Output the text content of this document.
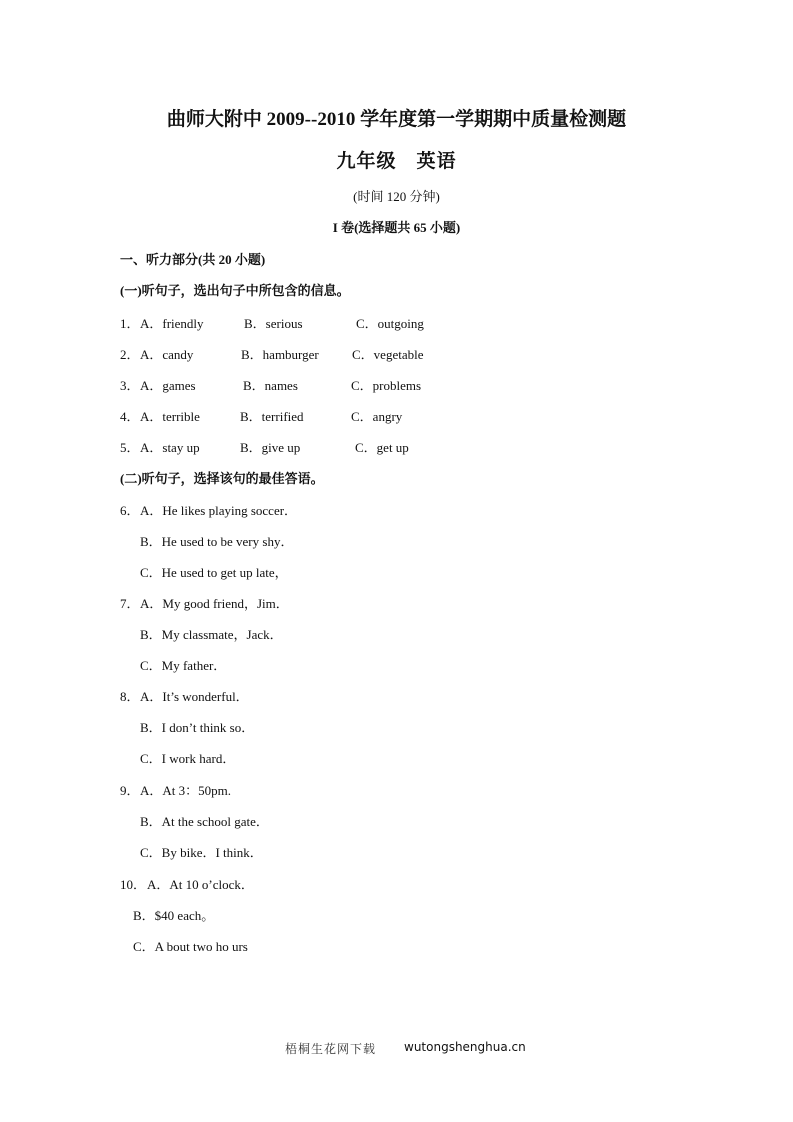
曲师大附中 2009--2010 学年度第一学期期中质量检测题
九年级　英语
(时间 120 分钟)
I 卷(选择题共 65 小题)
一、听力部分(共 20 小题)
(一)听句子，选出句子中所包含的信息。
1． A．friendly	B．serious	C．outgoing
2． A．candy	B．hamburger	C．vegetable
3． A．games	B．names	C．problems
4． A．terrible	B．terrified	C．angry
5． A．stay up	B．give up	C．get up
(二)听句子，选择该句的最佳答语。
6． A．He likes playing soccer．
B．He used to be very shy．
C．He used to get up late，
7． A．My good friend，Jim．
B．My classmate，Jack．
C．My father．
8． A．It’s wonderful．
B．I don’t think so．
C．I work hard．
9． A．At 3：50pm.
B．At the school gate．
C．By bike．I think．
10． A．At 10 o’clock．
B．$40 each。
C．A bout two ho urs
梧桐生花网下载 wutongshenghua.cn
